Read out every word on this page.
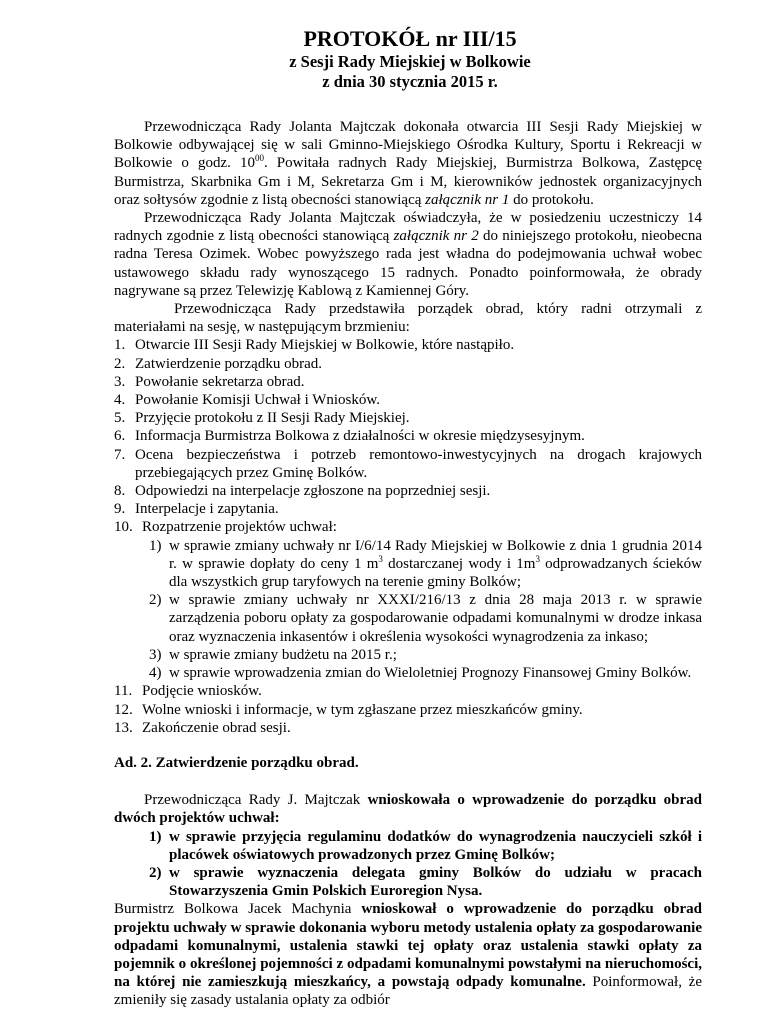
PROTOKÓŁ nr III/15
z Sesji Rady Miejskiej w Bolkowie
z dnia 30 stycznia 2015 r.

Przewodnicząca Rady Jolanta Majtczak dokonała otwarcia III Sesji Rady Miejskiej w Bolkowie odbywającej się w sali Gminno-Miejskiego Ośrodka Kultury, Sportu i Rekreacji w Bolkowie o godz. $10^{00}$. Powitała radnych Rady Miejskiej, Burmistrza Bolkowa, Zastępcę Burmistrza, Skarbnika Gm i M, Sekretarza Gm i M, kierowników jednostek organizacyjnych oraz sołtysów zgodnie z listą obecności stanowiącą załącznik nr 1 do protokołu.

Przewodnicząca Rady Jolanta Majtczak oświadczyła, że w posiedzeniu uczestniczy 14 radnych zgodnie z listą obecności stanowiącą załącznik nr 2 do niniejszego protokołu, nieobecna radna Teresa Ozimek. Wobec powyższego rada jest władna do podejmowania uchwał wobec ustawowego składu rady wynoszącego 15 radnych. Ponadto poinformowała, że obrady nagrywane są przez Telewizję Kablową z Kamiennej Góry.

Przewodnicząca Rady przedstawiła porządek obrad, który radni otrzymali z materiałami na sesję, w następującym brzmieniu:

1. Otwarcie III Sesji Rady Miejskiej w Bolkowie, które nastąpiło.
2. Zatwierdzenie porządku obrad.
3. Powołanie sekretarza obrad.
4. Powołanie Komisji Uchwał i Wniosków.
5. Przyjęcie protokołu z II Sesji Rady Miejskiej.
6. Informacja Burmistrza Bolkowa z działalności w okresie międzysesyjnym.
7. Ocena bezpieczeństwa i potrzeb remontowo-inwestycyjnych na drogach krajowych przebiegających przez Gminę Bolków.
8. Odpowiedzi na interpelacje zgłoszone na poprzedniej sesji.
9. Interpelacje i zapytania.
10. Rozpatrzenie projektów uchwał:
1) w sprawie zmiany uchwały nr I/6/14 Rady Miejskiej w Bolkowie z dnia 1 grudnia 2014 r. w sprawie dopłaty do ceny 1 $m^3$ dostarczanej wody i $1m^3$ odprowadzanych ścieków dla wszystkich grup taryfowych na terenie gminy Bolków;
2) w sprawie zmiany uchwały nr XXXI/216/13 z dnia 28 maja 2013 r. w sprawie zarządzenia poboru opłaty za gospodarowanie odpadami komunalnymi w drodze inkasa oraz wyznaczenia inkasentów i określenia wysokości wynagrodzenia za inkaso;
3) w sprawie zmiany budżetu na 2015 r.;
4) w sprawie wprowadzenia zmian do Wieloletniej Prognozy Finansowej Gminy Bolków.
11. Podjęcie wniosków.
12. Wolne wnioski i informacje, w tym zgłaszane przez mieszkańców gminy.
13. Zakończenie obrad sesji.
Ad. 2. Zatwierdzenie porządku obrad.

Przewodnicząca Rady J. Majtczak wnioskowała o wprowadzenie do porządku obrad dwóch projektów uchwał:

1) w sprawie przyjęcia regulaminu dodatków do wynagrodzenia nauczycieli szkół i placówek oświatowych prowadzonych przez Gminę Bolków;
2) w sprawie wyznaczenia delegata gminy Bolków do udziału w pracach Stowarzyszenia Gmin Polskich Euroregion Nysa.

Burmistrz Bolkowa Jacek Machynia wnioskował o wprowadzenie do porządku obrad projektu uchwały w sprawie dokonania wyboru metody ustalenia opłaty za gospodarowanie odpadami komunalnymi, ustalenia stawki tej opłaty oraz ustalenia stawki opłaty za pojemnik o określonej pojemności z odpadami komunalnymi powstałymi na nieruchomości, na której nie zamieszkują mieszkańcy, a powstają odpady komunalne. Poinformował, że zmieniły się zasady ustalania opłaty za odbiór
